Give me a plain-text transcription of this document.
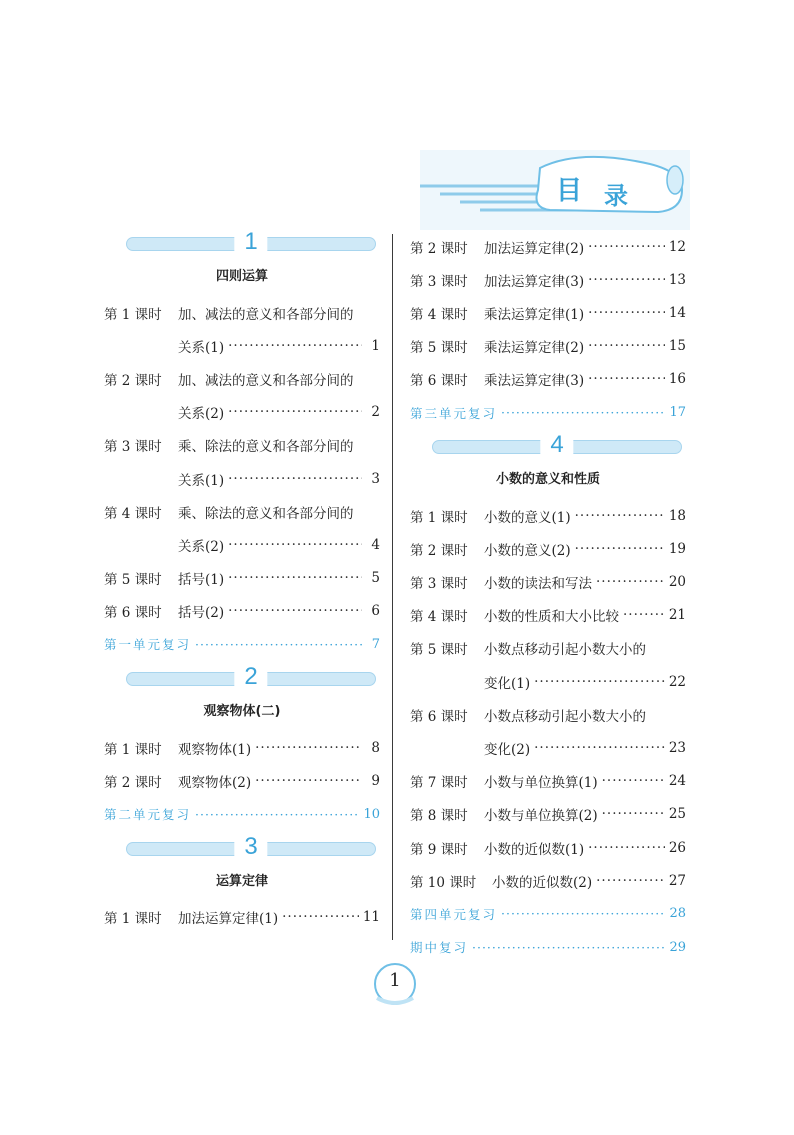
目 录
1
四则运算
第 1 课时	加、减法的意义和各部分间的
关系(1) ·····	1
第 2 课时	加、减法的意义和各部分间的
关系(2) ·····	2
第 3 课时	乘、除法的意义和各部分间的
关系(1) ·····	3
第 4 课时	乘、除法的意义和各部分间的
关系(2) ·····	4
第 5 课时	括号(1) ·····	5
第 6 课时	括号(2) ·····	6
第一单元复习 ·····	7
2
观察物体(二)
第 1 课时	观察物体(1) ·····	8
第 2 课时	观察物体(2) ·····	9
第二单元复习 ·····	10
3
运算定律
第 1 课时	加法运算定律(1) ·····	11
第 2 课时	加法运算定律(2) ·····	12
第 3 课时	加法运算定律(3) ·····	13
第 4 课时	乘法运算定律(1) ·····	14
第 5 课时	乘法运算定律(2) ·····	15
第 6 课时	乘法运算定律(3) ·····	16
第三单元复习 ·····	17
4
小数的意义和性质
第 1 课时	小数的意义(1) ·····	18
第 2 课时	小数的意义(2) ·····	19
第 3 课时	小数的读法和写法 ·····	20
第 4 课时	小数的性质和大小比较 ·····	21
第 5 课时	小数点移动引起小数大小的
变化(1) ·····	22
第 6 课时	小数点移动引起小数大小的
变化(2) ·····	23
第 7 课时	小数与单位换算(1) ·····	24
第 8 课时	小数与单位换算(2) ·····	25
第 9 课时	小数的近似数(1) ·····	26
第 10 课时	小数的近似数(2) ·····	27
第四单元复习 ·····	28
期中复习 ·····	29
1
